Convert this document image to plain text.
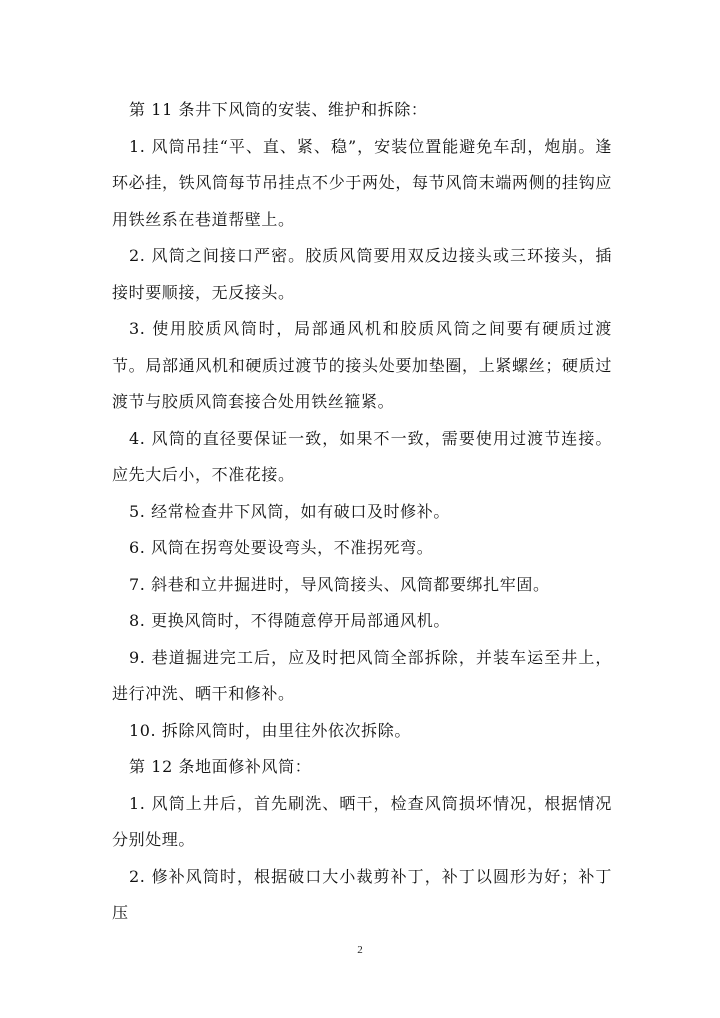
第 11 条井下风筒的安装、维护和拆除：

1. 风筒吊挂“平、直、紧、稳”，安装位置能避免车刮，炮崩。逢环必挂，铁风筒每节吊挂点不少于两处，每节风筒末端两侧的挂钩应用铁丝系在巷道帮壁上。

2. 风筒之间接口严密。胶质风筒要用双反边接头或三环接头，插接时要顺接，无反接头。

3. 使用胶质风筒时，局部通风机和胶质风筒之间要有硬质过渡节。局部通风机和硬质过渡节的接头处要加垫圈，上紧螺丝；硬质过渡节与胶质风筒套接合处用铁丝箍紧。

4. 风筒的直径要保证一致，如果不一致，需要使用过渡节连接。应先大后小，不准花接。

5. 经常检查井下风筒，如有破口及时修补。

6. 风筒在拐弯处要设弯头，不准拐死弯。

7. 斜巷和立井掘进时，导风筒接头、风筒都要绑扎牢固。

8. 更换风筒时，不得随意停开局部通风机。

9. 巷道掘进完工后，应及时把风筒全部拆除，并装车运至井上，进行冲洗、晒干和修补。

10. 拆除风筒时，由里往外依次拆除。

第 12 条地面修补风筒：

1. 风筒上井后，首先刷洗、晒干，检查风筒损坏情况，根据情况分别处理。

2. 修补风筒时，根据破口大小裁剪补丁，补丁以圆形为好；补丁压

2
